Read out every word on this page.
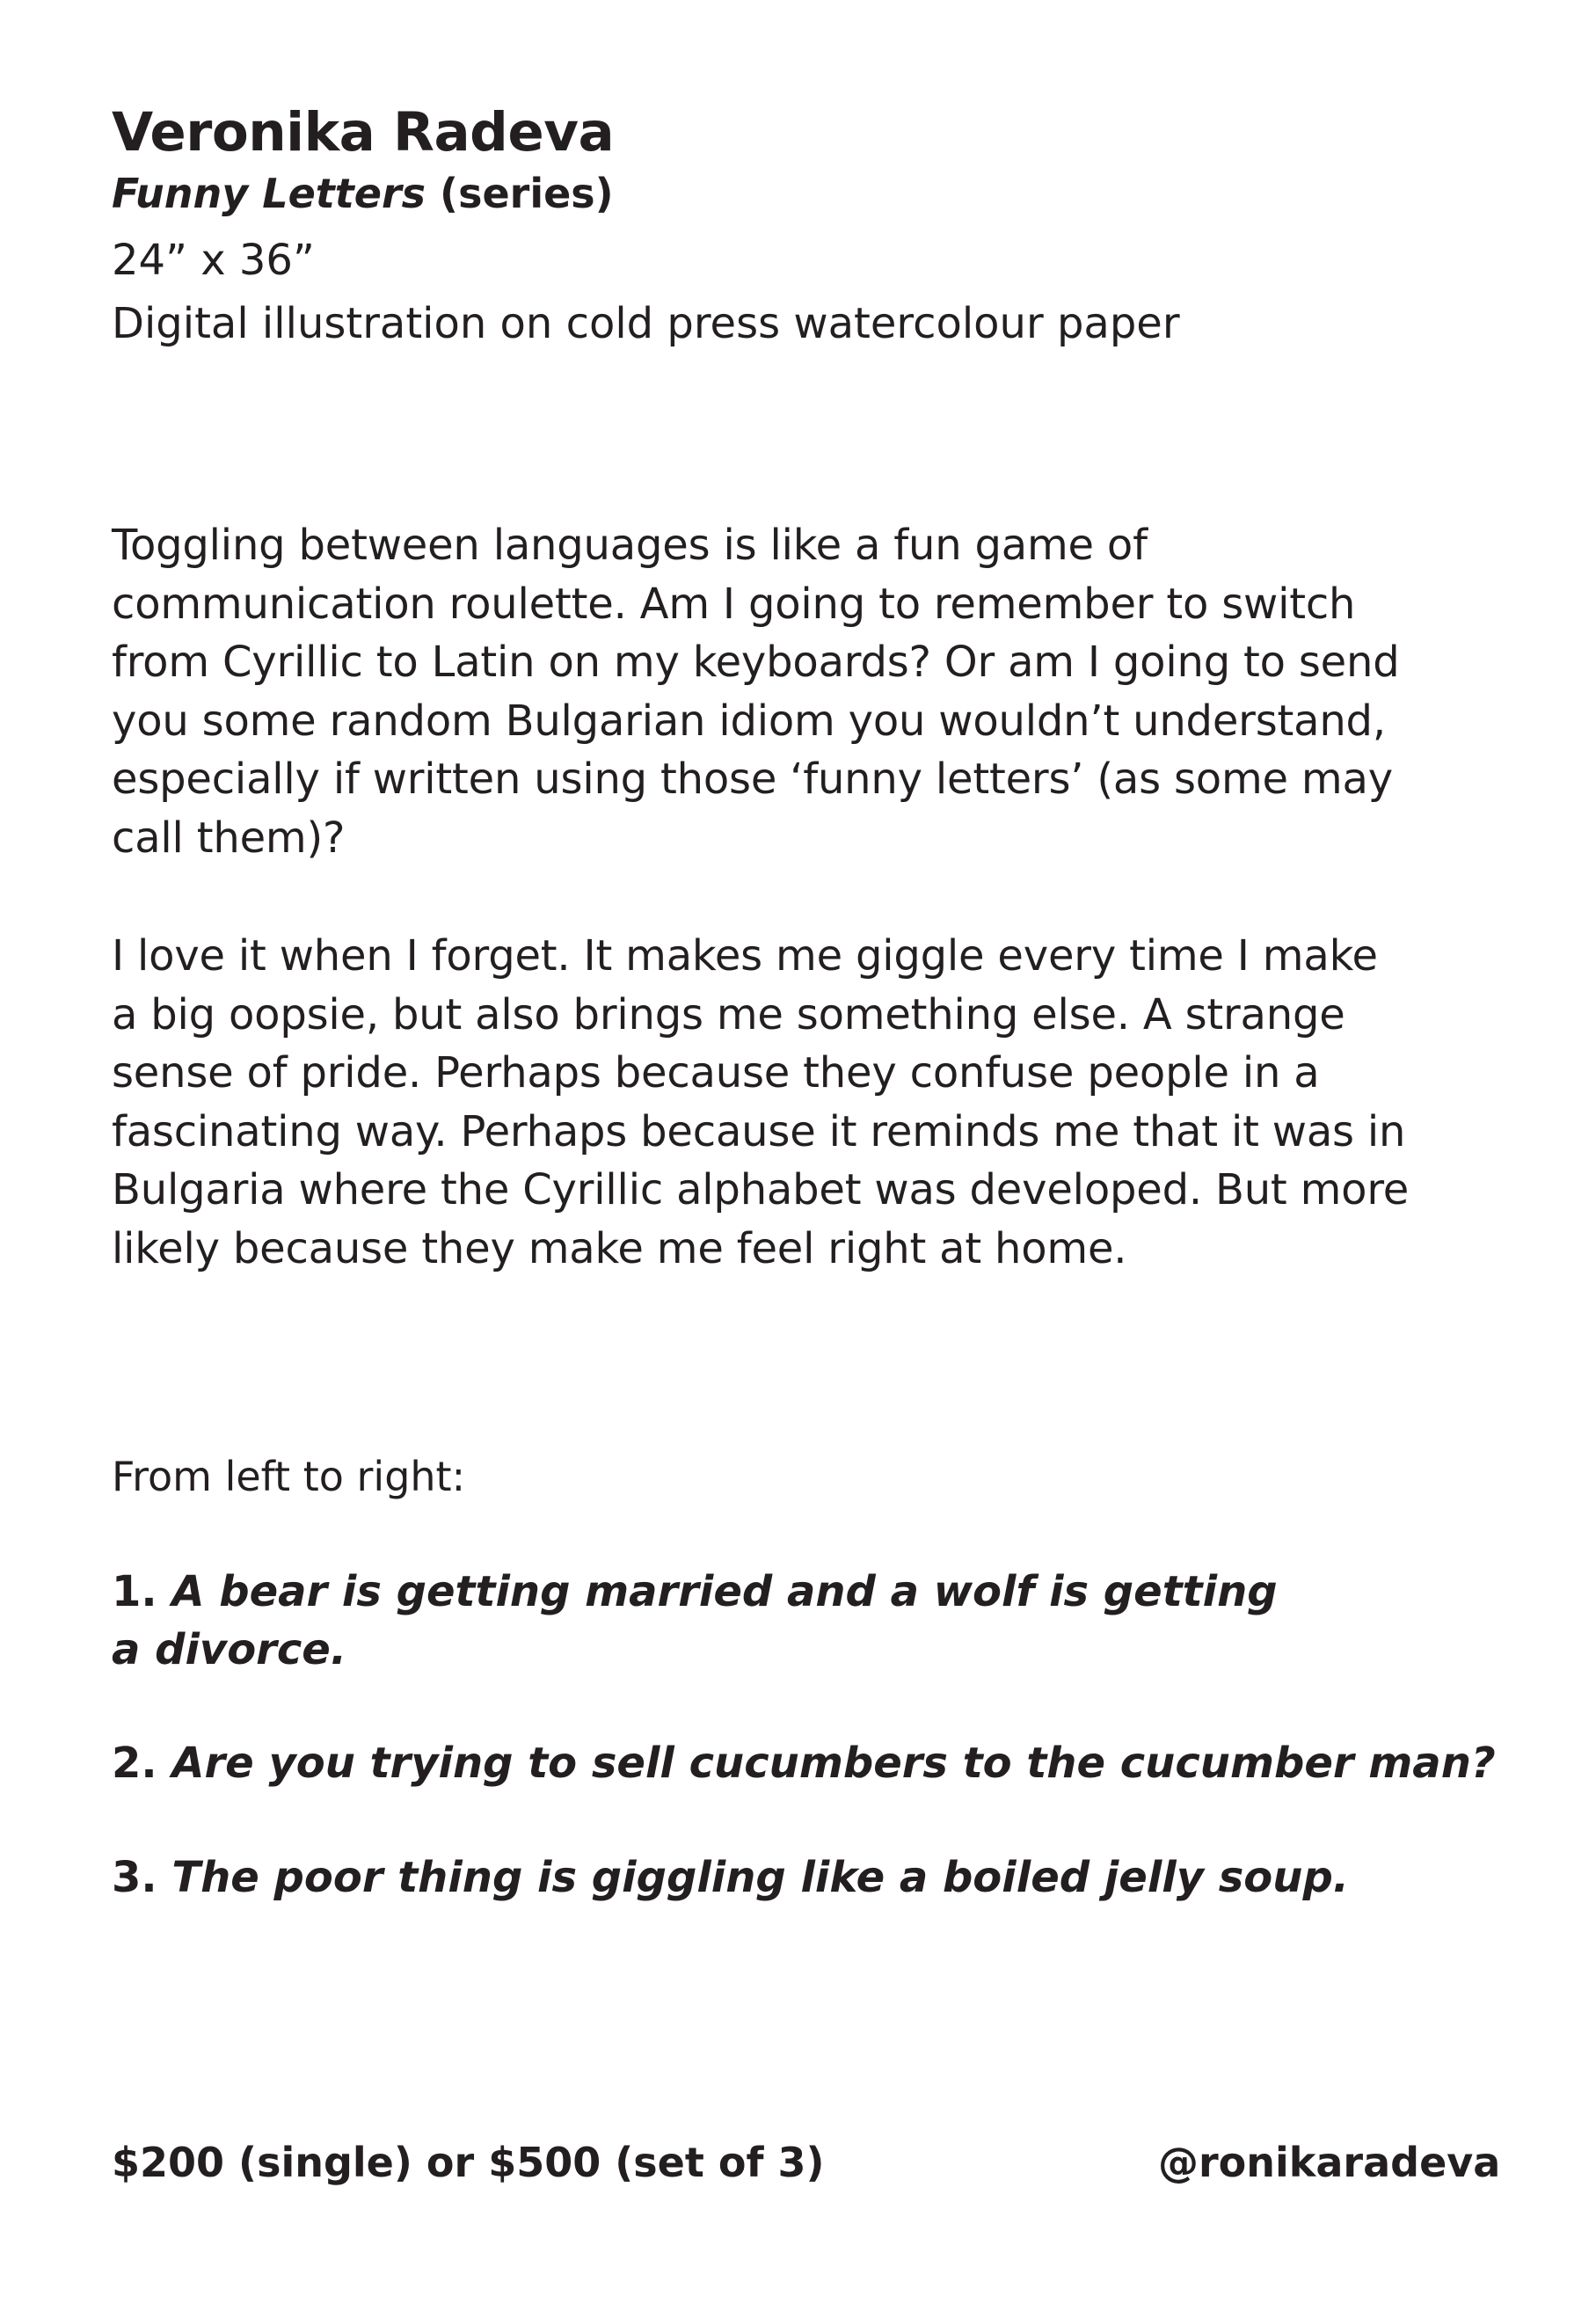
Veronika Radeva
Funny Letters (series)
24” x 36”
Digital illustration on cold press watercolour paper

Toggling between languages is like a fun game of
communication roulette. Am I going to remember to switch
from Cyrillic to Latin on my keyboards? Or am I going to send
you some random Bulgarian idiom you wouldn’t understand,
especially if written using those ‘funny letters’ (as some may
call them)?

I love it when I forget. It makes me giggle every time I make
a big oopsie, but also brings me something else. A strange
sense of pride. Perhaps because they confuse people in a
fascinating way. Perhaps because it reminds me that it was in
Bulgaria where the Cyrillic alphabet was developed. But more
likely because they make me feel right at home.

From left to right:
1. A bear is getting married and a wolf is getting
a divorce.
2. Are you trying to sell cucumbers to the cucumber man?
3. The poor thing is giggling like a boiled jelly soup.
$200 (single) or $500 (set of 3)	@ronikaradeva
